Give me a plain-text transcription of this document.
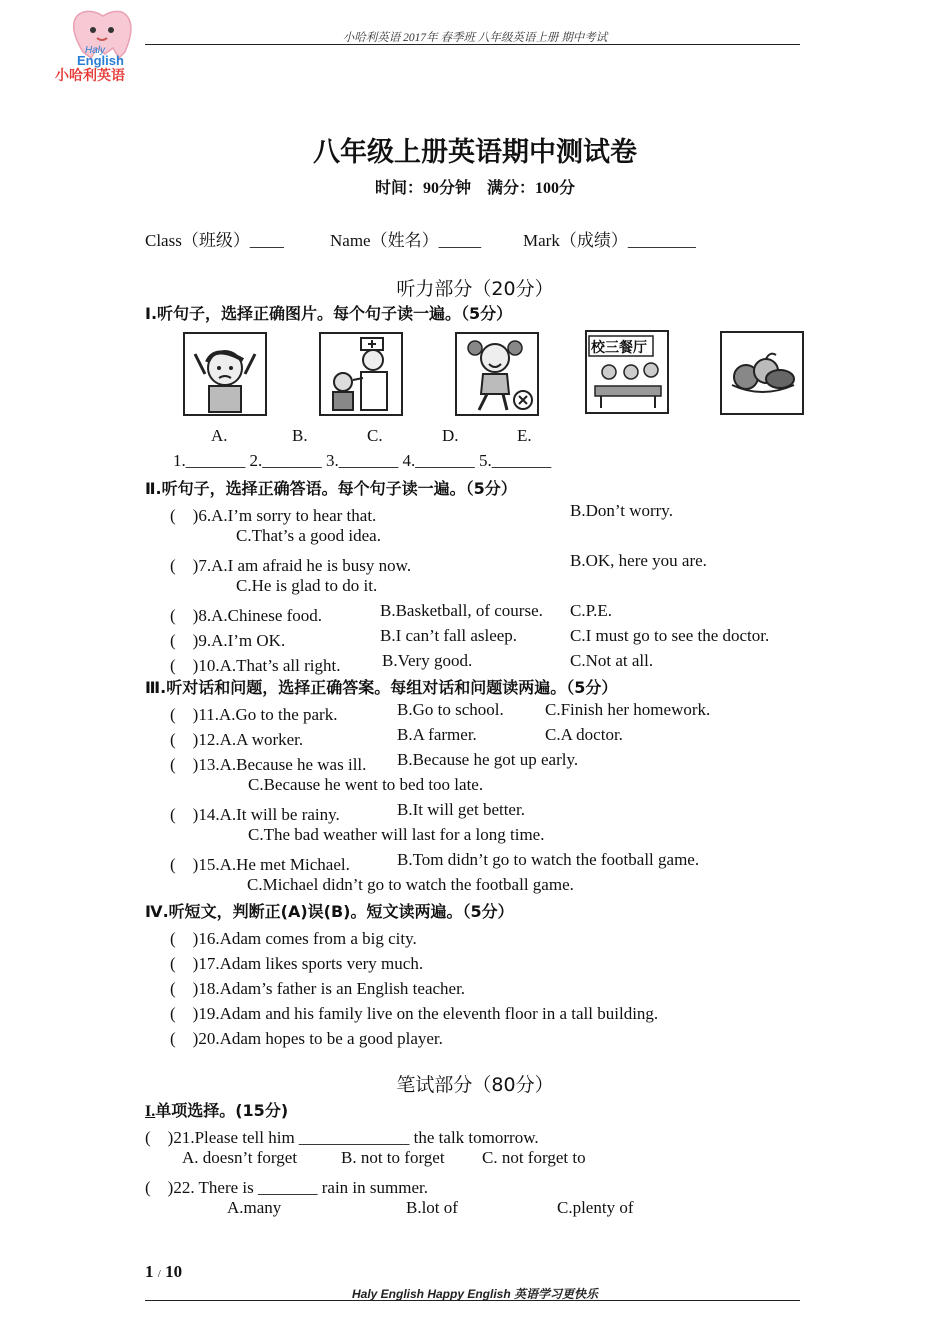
Haly
English
小哈利英语
小哈利英语 2017年 春季班 八年级英语上册 期中考试
八年级上册英语期中测试卷
时间：90分钟　满分：100分
Class（班级）____	Name（姓名）_____ Mark（成绩）________
听力部分（20分）
Ⅰ.听句子，选择正确图片。每个句子读一遍。（5分）
校三餐厅
A.	B.	C.	D.	E.
1._______ 2._______ 3._______ 4._______ 5._______
Ⅱ.听句子，选择正确答语。每个句子读一遍。（5分）
(　)6.A.I’m sorry to hear that.	B.Don’t worry.
C.That’s a good idea.
(　)7.A.I am afraid he is busy now.	B.OK, here you are.
C.He is glad to do it.
(　)8.A.Chinese food.	B.Basketball, of course. C.P.E.
(　)9.A.I’m OK.	B.I can’t fall asleep.	C.I must go to see the doctor.
(　)10.A.That’s all right. B.Very good.	C.Not at all.
Ⅲ.听对话和问题，选择正确答案。每组对话和问题读两遍。（5分）
(　)11.A.Go to the park.	B.Go to school. C.Finish her homework.
(　)12.A.A worker.	B.A farmer.	C.A doctor.
(　)13.A.Because he was ill. B.Because he got up early.
C.Because he went to bed too late.
(　)14.A.It will be rainy.	B.It will get better.
C.The bad weather will last for a long time.
(　)15.A.He met Michael.	B.Tom didn’t go to watch the football game.
C.Michael didn’t go to watch the football game.
Ⅳ.听短文，判断正(A)误(B)。短文读两遍。（5分）
(　)16.Adam comes from a big city.
(　)17.Adam likes sports very much.
(　)18.Adam’s father is an English teacher.
(　)19.Adam and his family live on the eleventh floor in a tall building.
(　)20.Adam hopes to be a good player.
笔试部分（80分）
I.单项选择。(15分)
(　)21.Please tell him _____________ the talk tomorrow.
A. doesn’t forget	B. not to forget C. not forget to
(　)22. There is _______ rain in summer.
A.many	B.lot of	C.plenty of
1 / 10
Haly English Happy English 英语学习更快乐
